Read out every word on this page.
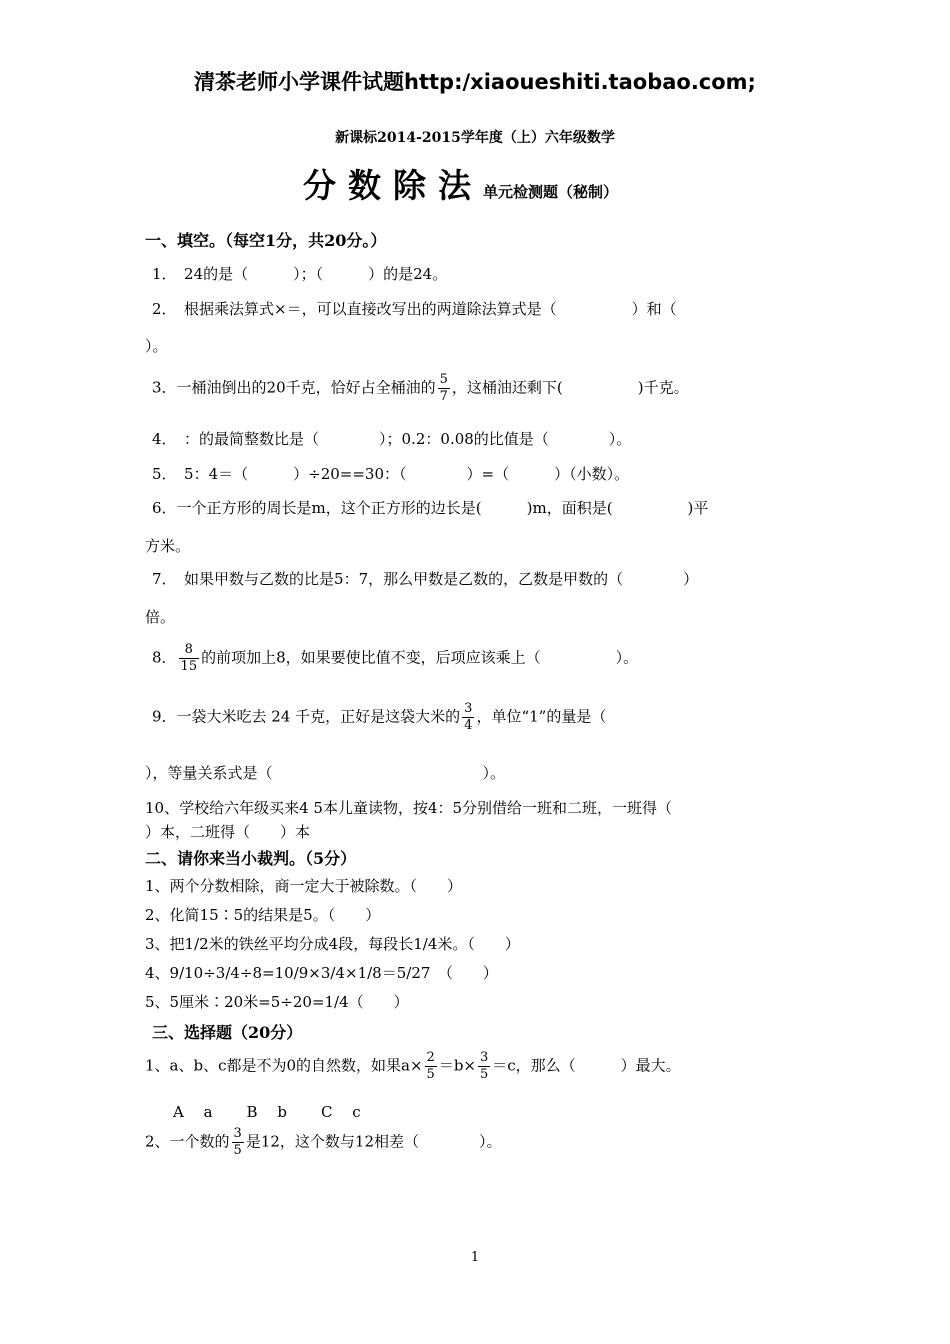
清茶老师小学课件试题http:/xiaoueshiti.taobao.com;
新课标2014-2015学年度（上）六年级数学
分数除法单元检测题（秘制）
一、填空。（每空1分，共20分。）
1．　24的是（　　　）；（　　　）的是24。
2．　根据乘法算式×＝，可以直接改写出的两道除法算式是（　　　　　）和（
）。
3．一桶油倒出的20千克，恰好占全桶油的 $\frac{5}{7}$ ，这桶油还剩下(　　　　　)千克。
4．　：的最简整数比是（　　　　）；0.2：0.08的比值是（　　　　）。
5．　5：4＝（　　　）÷20==30：（　　　　）=（　　　）（小数）。
6．一个正方形的周长是m，这个正方形的边长是(　　　)m，面积是(　　　　　)平
方米。
7．　如果甲数与乙数的比是5：7，那么甲数是乙数的，乙数是甲数的（　　　　）
倍。
8． $\frac{8}{15}$ 的前项加上8，如果要使比值不变，后项应该乘上（　　　　　）。
9．一袋大米吃去 24 千克，正好是这袋大米的 $\frac{3}{4}$ ，单位“1”的量是（
），等量关系式是（　　　　　　　　　　　　　　）。
10、学校给六年级买来4 5本儿童读物，按4：5分别借给一班和二班，一班得（
）本，二班得（　　）本
二、请你来当小裁判。（5分）
1、两个分数相除，商一定大于被除数。（　　）
2、化简15∶5的结果是5。（　　）
3、把1/2米的铁丝平均分成4段，每段长1/4米。（　　）
4、9/10÷3/4÷8=10/9×3/4×1/8＝5/27　（　　）
5、5厘米∶20米=5÷20=1/4（　　）
三、选择题（20分）
1、a、b、c都是不为0的自然数，如果$a\times \frac{2}{5} =b\times \frac{3}{5} =c$，那么（　　　）最大。
A　 a B　 b C　 c
2、一个数的 $\frac{3}{5}$ 是12，这个数与12相差（　　　　）。
1
